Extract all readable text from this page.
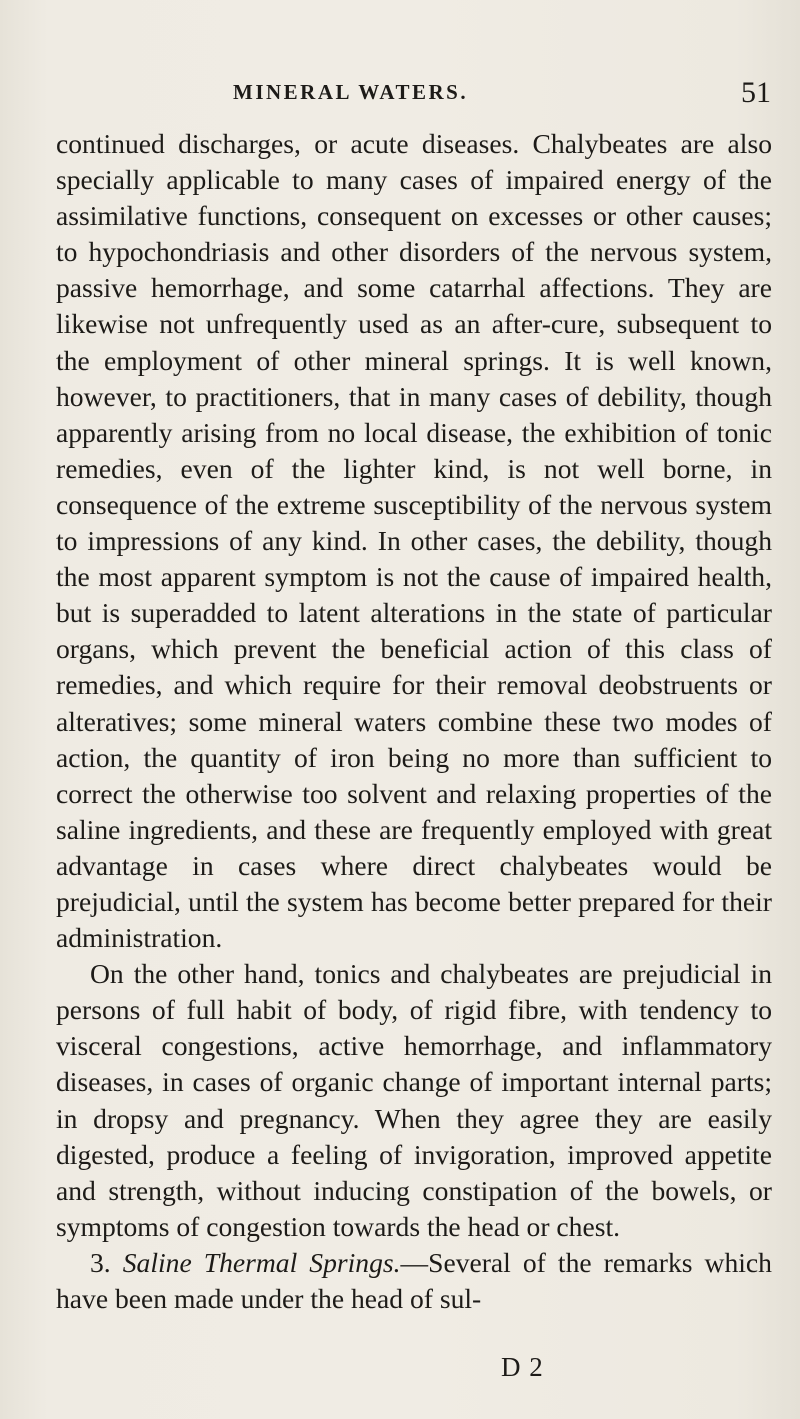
MINERAL WATERS.	51

continued discharges, or acute diseases. Chalybeates are also specially applicable to many cases of impaired energy of the assimilative functions, consequent on excesses or other causes; to hypochondriasis and other disorders of the nervous system, passive hemorrhage, and some catarrhal affections. They are likewise not unfrequently used as an after-cure, subsequent to the employment of other mineral springs. It is well known, however, to practitioners, that in many cases of debility, though apparently arising from no local disease, the exhibition of tonic remedies, even of the lighter kind, is not well borne, in consequence of the extreme susceptibility of the nervous system to impressions of any kind. In other cases, the debility, though the most apparent symptom is not the cause of impaired health, but is superadded to latent alterations in the state of particular organs, which prevent the beneficial action of this class of remedies, and which require for their removal deobstruents or alteratives; some mineral waters combine these two modes of action, the quantity of iron being no more than sufficient to correct the otherwise too solvent and relaxing properties of the saline ingredients, and these are frequently employed with great advantage in cases where direct chalybeates would be prejudicial, until the system has become better prepared for their administration.

On the other hand, tonics and chalybeates are prejudicial in persons of full habit of body, of rigid fibre, with tendency to visceral congestions, active hemorrhage, and inflammatory diseases, in cases of organic change of important internal parts; in dropsy and pregnancy. When they agree they are easily digested, produce a feeling of invigoration, improved appetite and strength, without inducing constipation of the bowels, or symptoms of congestion towards the head or chest.

3. Saline Thermal Springs.—Several of the remarks which have been made under the head of sul-

D 2
